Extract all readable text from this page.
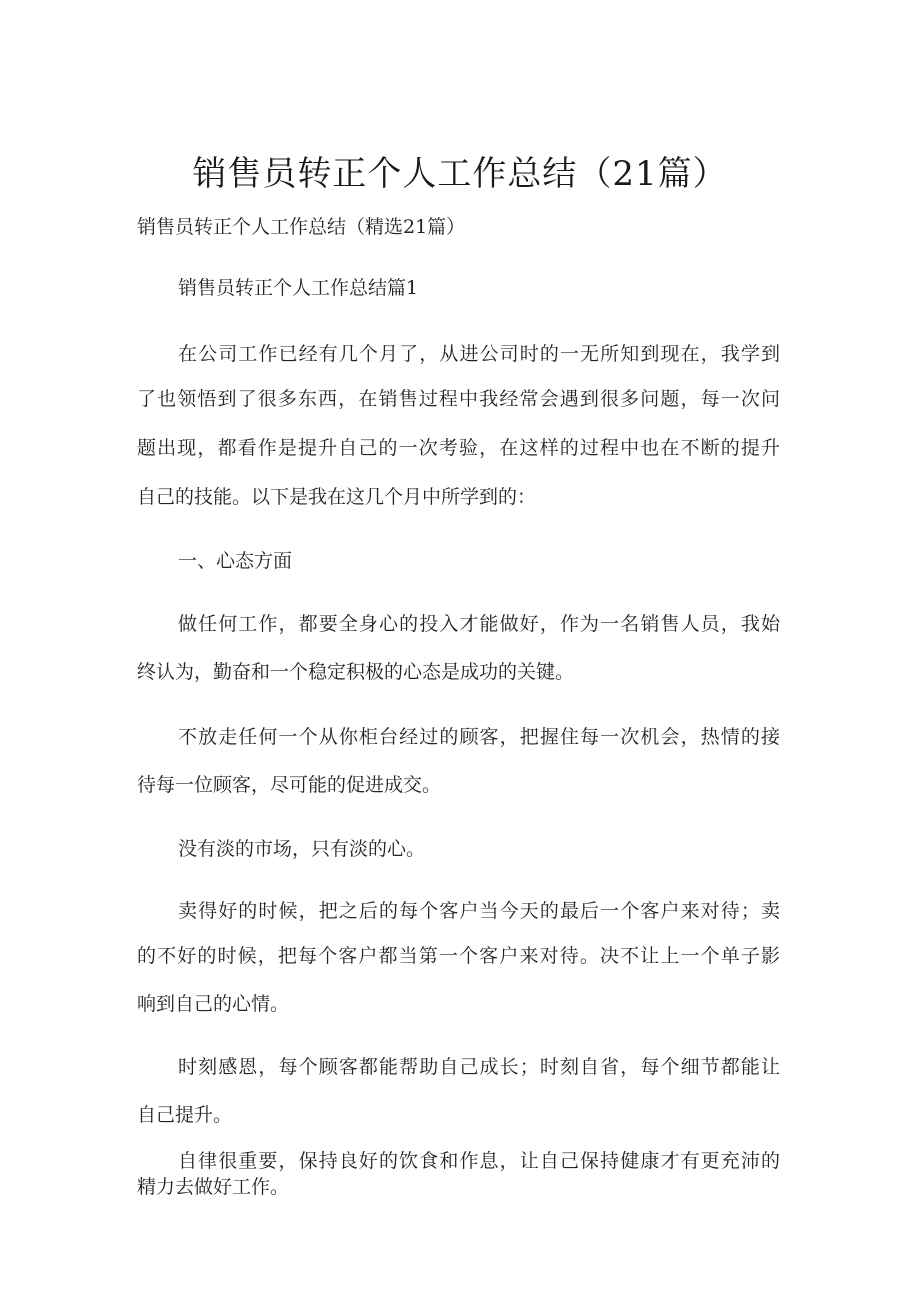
销售员转正个人工作总结（21篇）
销售员转正个人工作总结（精选21篇）
销售员转正个人工作总结篇1
在公司工作已经有几个月了，从进公司时的一无所知到现在，我学到
了也领悟到了很多东西，在销售过程中我经常会遇到很多问题，每一次问
题出现，都看作是提升自己的一次考验，在这样的过程中也在不断的提升
自己的技能。以下是我在这几个月中所学到的：
一、心态方面
做任何工作，都要全身心的投入才能做好，作为一名销售人员，我始
终认为，勤奋和一个稳定积极的心态是成功的关键。
不放走任何一个从你柜台经过的顾客，把握住每一次机会，热情的接
待每一位顾客，尽可能的促进成交。
没有淡的市场，只有淡的心。
卖得好的时候，把之后的每个客户当今天的最后一个客户来对待；卖
的不好的时候，把每个客户都当第一个客户来对待。决不让上一个单子影
响到自己的心情。
时刻感恩，每个顾客都能帮助自己成长；时刻自省，每个细节都能让
自己提升。
自律很重要，保持良好的饮食和作息，让自己保持健康才有更充沛的
精力去做好工作。
